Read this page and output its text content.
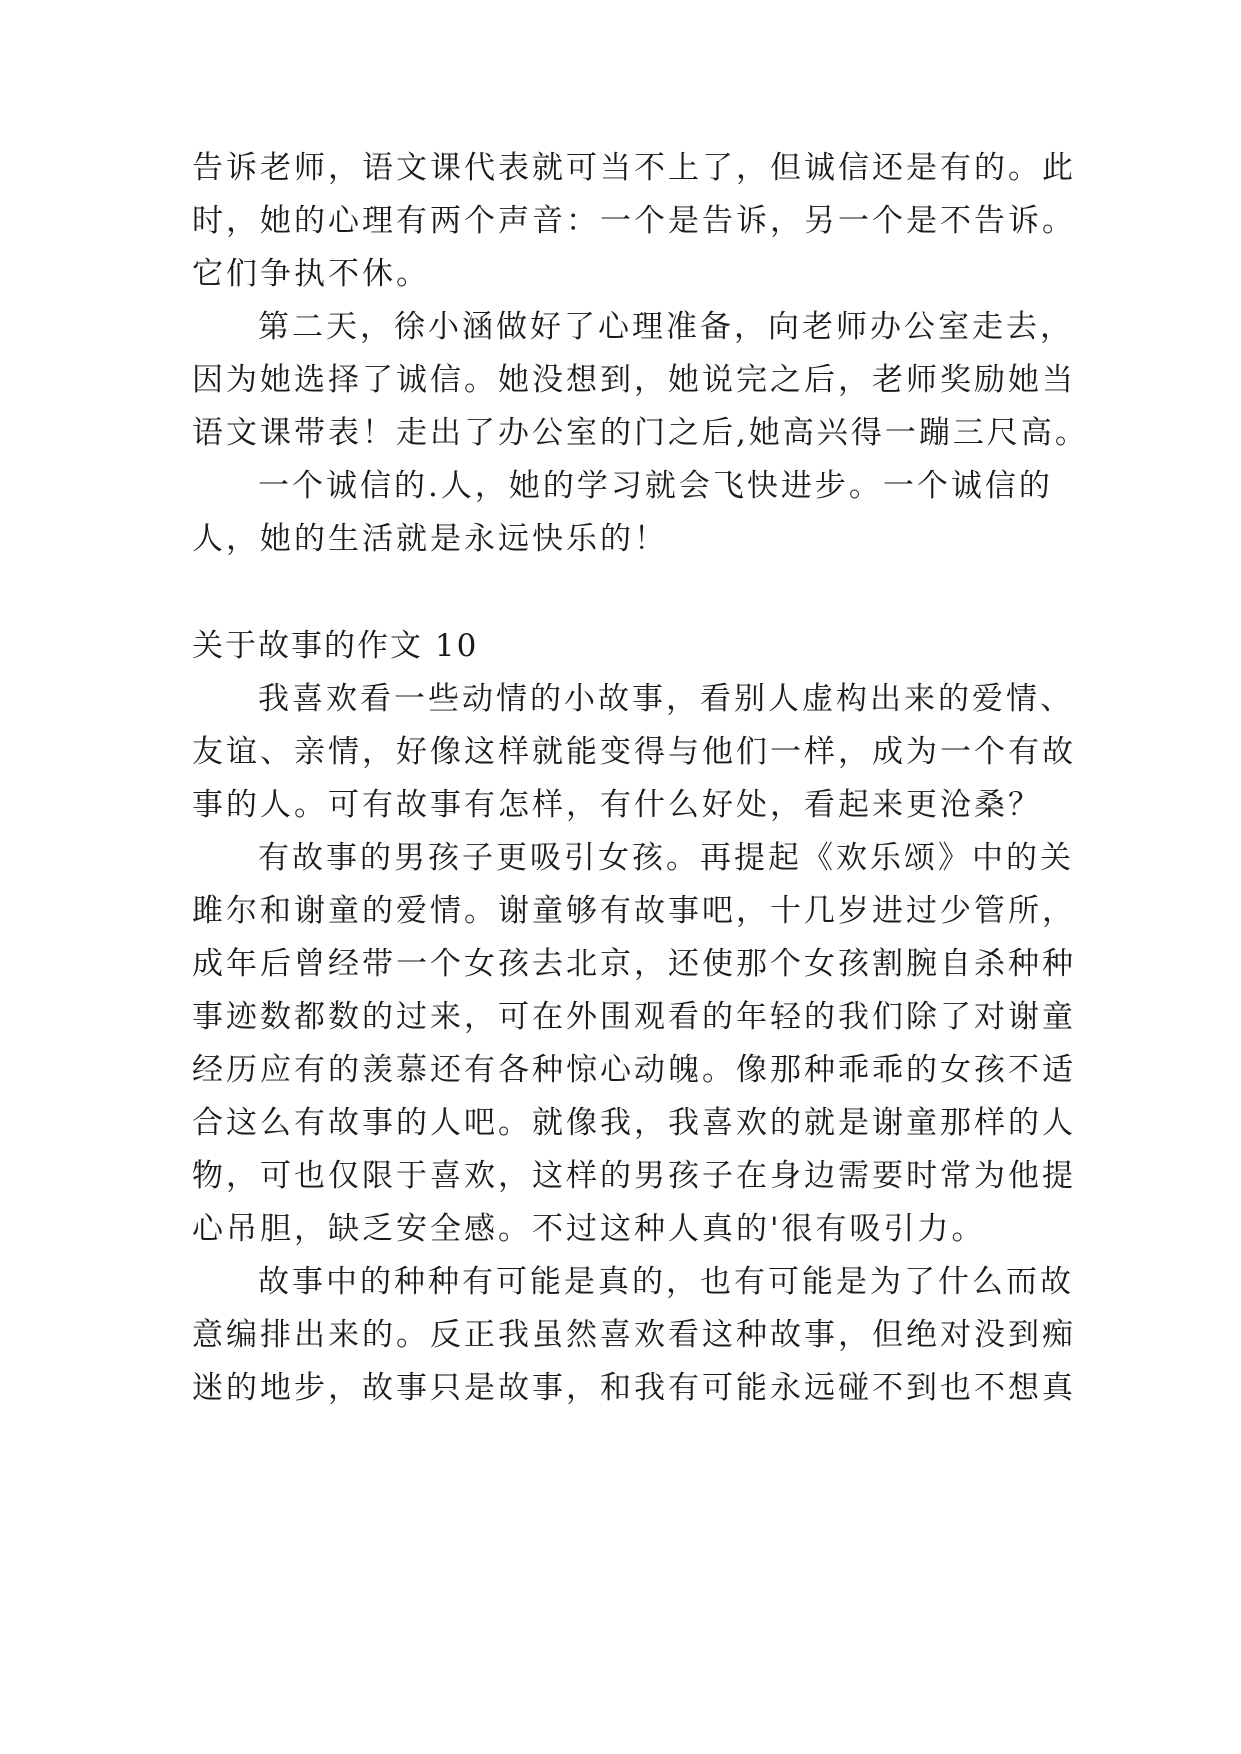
告诉老师，语文课代表就可当不上了，但诚信还是有的。此
时，她的心理有两个声音：一个是告诉，另一个是不告诉。
它们争执不休。
第二天，徐小涵做好了心理准备，向老师办公室走去，
因为她选择了诚信。她没想到，她说完之后，老师奖励她当
语文课带表！走出了办公室的门之后,她高兴得一蹦三尺高。
一个诚信的.人，她的学习就会飞快进步。一个诚信的
人，她的生活就是永远快乐的！
关于故事的作文 10
我喜欢看一些动情的小故事，看别人虚构出来的爱情、
友谊、亲情，好像这样就能变得与他们一样，成为一个有故
事的人。可有故事有怎样，有什么好处，看起来更沧桑？
有故事的男孩子更吸引女孩。再提起《欢乐颂》中的关
雎尔和谢童的爱情。谢童够有故事吧，十几岁进过少管所，
成年后曾经带一个女孩去北京，还使那个女孩割腕自杀种种
事迹数都数的过来，可在外围观看的年轻的我们除了对谢童
经历应有的羡慕还有各种惊心动魄。像那种乖乖的女孩不适
合这么有故事的人吧。就像我，我喜欢的就是谢童那样的人
物，可也仅限于喜欢，这样的男孩子在身边需要时常为他提
心吊胆，缺乏安全感。不过这种人真的'很有吸引力。
故事中的种种有可能是真的，也有可能是为了什么而故
意编排出来的。反正我虽然喜欢看这种故事，但绝对没到痴
迷的地步，故事只是故事，和我有可能永远碰不到也不想真
